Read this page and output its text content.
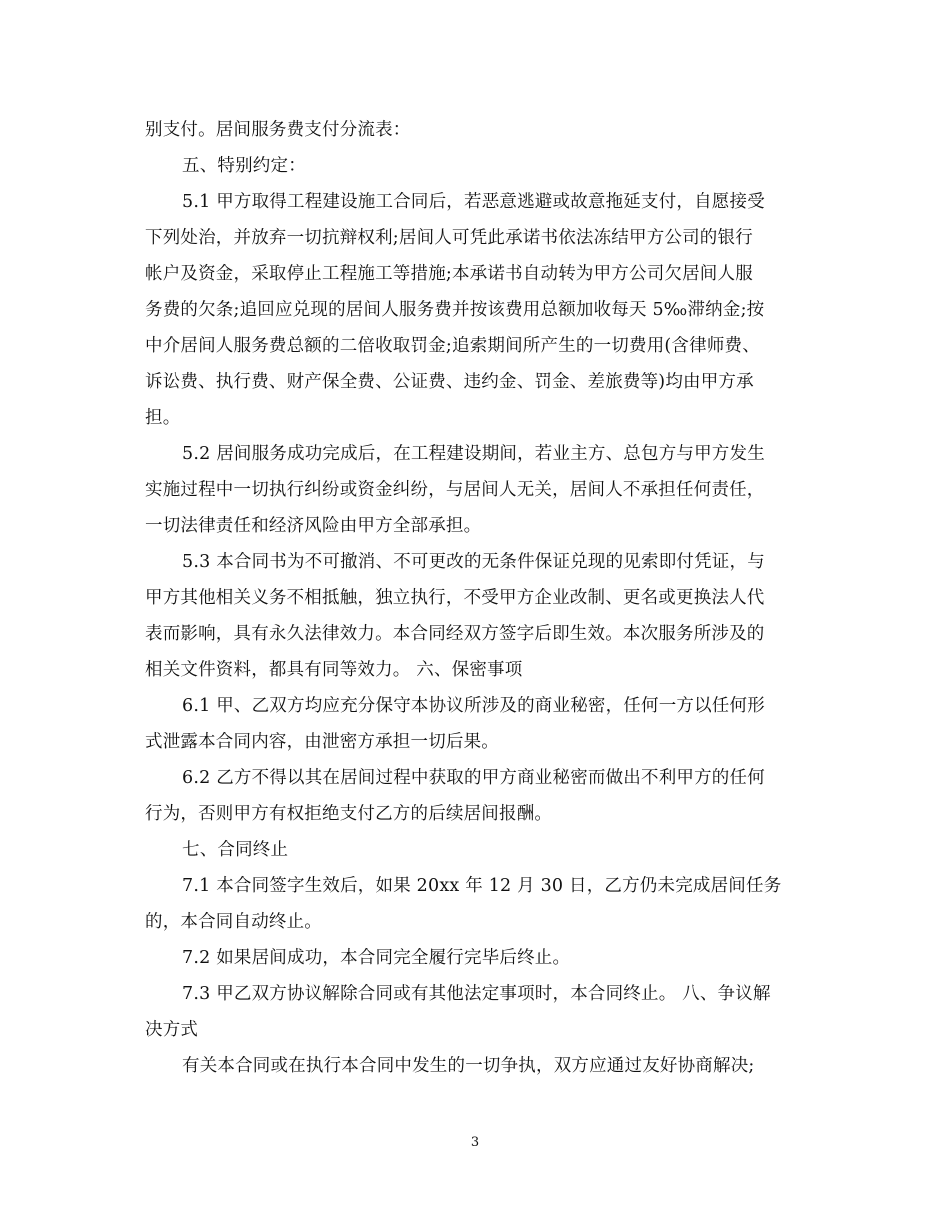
别支付。居间服务费支付分流表：
五、特别约定：
5.1 甲方取得工程建设施工合同后，若恶意逃避或故意拖延支付，自愿接受
下列处治，并放弃一切抗辩权利;居间人可凭此承诺书依法冻结甲方公司的银行
帐户及资金，采取停止工程施工等措施;本承诺书自动转为甲方公司欠居间人服
务费的欠条;追回应兑现的居间人服务费并按该费用总额加收每天 5‰滞纳金;按
中介居间人服务费总额的二倍收取罚金;追索期间所产生的一切费用(含律师费、
诉讼费、执行费、财产保全费、公证费、违约金、罚金、差旅费等)均由甲方承
担。
5.2 居间服务成功完成后，在工程建设期间，若业主方、总包方与甲方发生
实施过程中一切执行纠纷或资金纠纷，与居间人无关，居间人不承担任何责任，
一切法律责任和经济风险由甲方全部承担。
5.3 本合同书为不可撤消、不可更改的无条件保证兑现的见索即付凭证，与
甲方其他相关义务不相抵触，独立执行，不受甲方企业改制、更名或更换法人代
表而影响，具有永久法律效力。本合同经双方签字后即生效。本次服务所涉及的
相关文件资料，都具有同等效力。 六、保密事项
6.1 甲、乙双方均应充分保守本协议所涉及的商业秘密，任何一方以任何形
式泄露本合同内容，由泄密方承担一切后果。
6.2 乙方不得以其在居间过程中获取的甲方商业秘密而做出不利甲方的任何
行为，否则甲方有权拒绝支付乙方的后续居间报酬。
七、合同终止
7.1 本合同签字生效后，如果 20xx 年 12 月 30 日，乙方仍未完成居间任务
的，本合同自动终止。
7.2 如果居间成功，本合同完全履行完毕后终止。
7.3 甲乙双方协议解除合同或有其他法定事项时，本合同终止。 八、争议解
决方式
有关本合同或在执行本合同中发生的一切争执，双方应通过友好协商解决;
3
